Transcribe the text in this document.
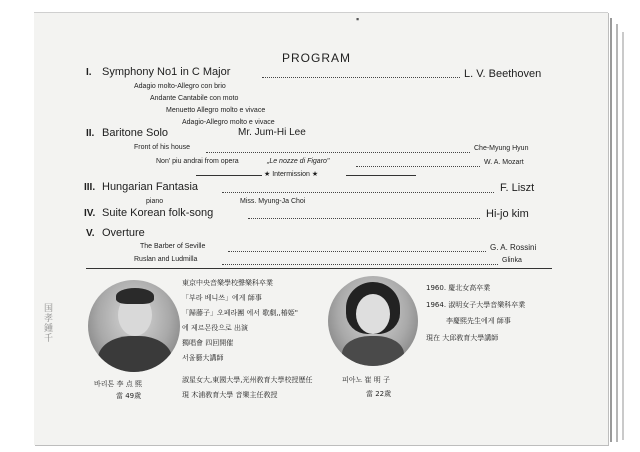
▪
PROGRAM
I. Symphony No1 in C Major	L. V. Beethoven
Adagio molto-Allegro con brio
Andante Cantabile con moto
Menuetto Allegro molto e vivace
Adagio-Allegro molto e vivace
II. Baritone Solo	Mr. Jum-Hi Lee
Front of his house	Che-Myung Hyun
Non' piu andrai from opera	„Le nozze di Figaro"	W. A. Mozart
★ Intermission ★
III. Hungarian Fantasia	F. Liszt
piano	Miss. Myung-Ja Choi
IV. Suite Korean folk-song	Hi-jo kim
V. Overture
The Barber of Seville	G. A. Rossini
Ruslan and Ludmilla	Glinka
바리톤 李 点 熙
當 49歲
東京中央音樂學校聲樂科卒業
「부라 베니쓰」에게 師事
「歸藤子」오페라團 에서 歌劇,,椿姫"
에 제르몬役으로 出演
獨唱會 四回開催
서울藝大講師
淑星女大,東國大學,光州敎育大學校授歷任
現 木浦敎育大學 音樂主任敎授
피아노 崔 明 子
當 22歲
1960. 慶北女高卒業
1964. 淑明女子大學音樂科卒業
李慶熙先生에게 師事
現在 大邱敎育大學講師
国孝鍾千
